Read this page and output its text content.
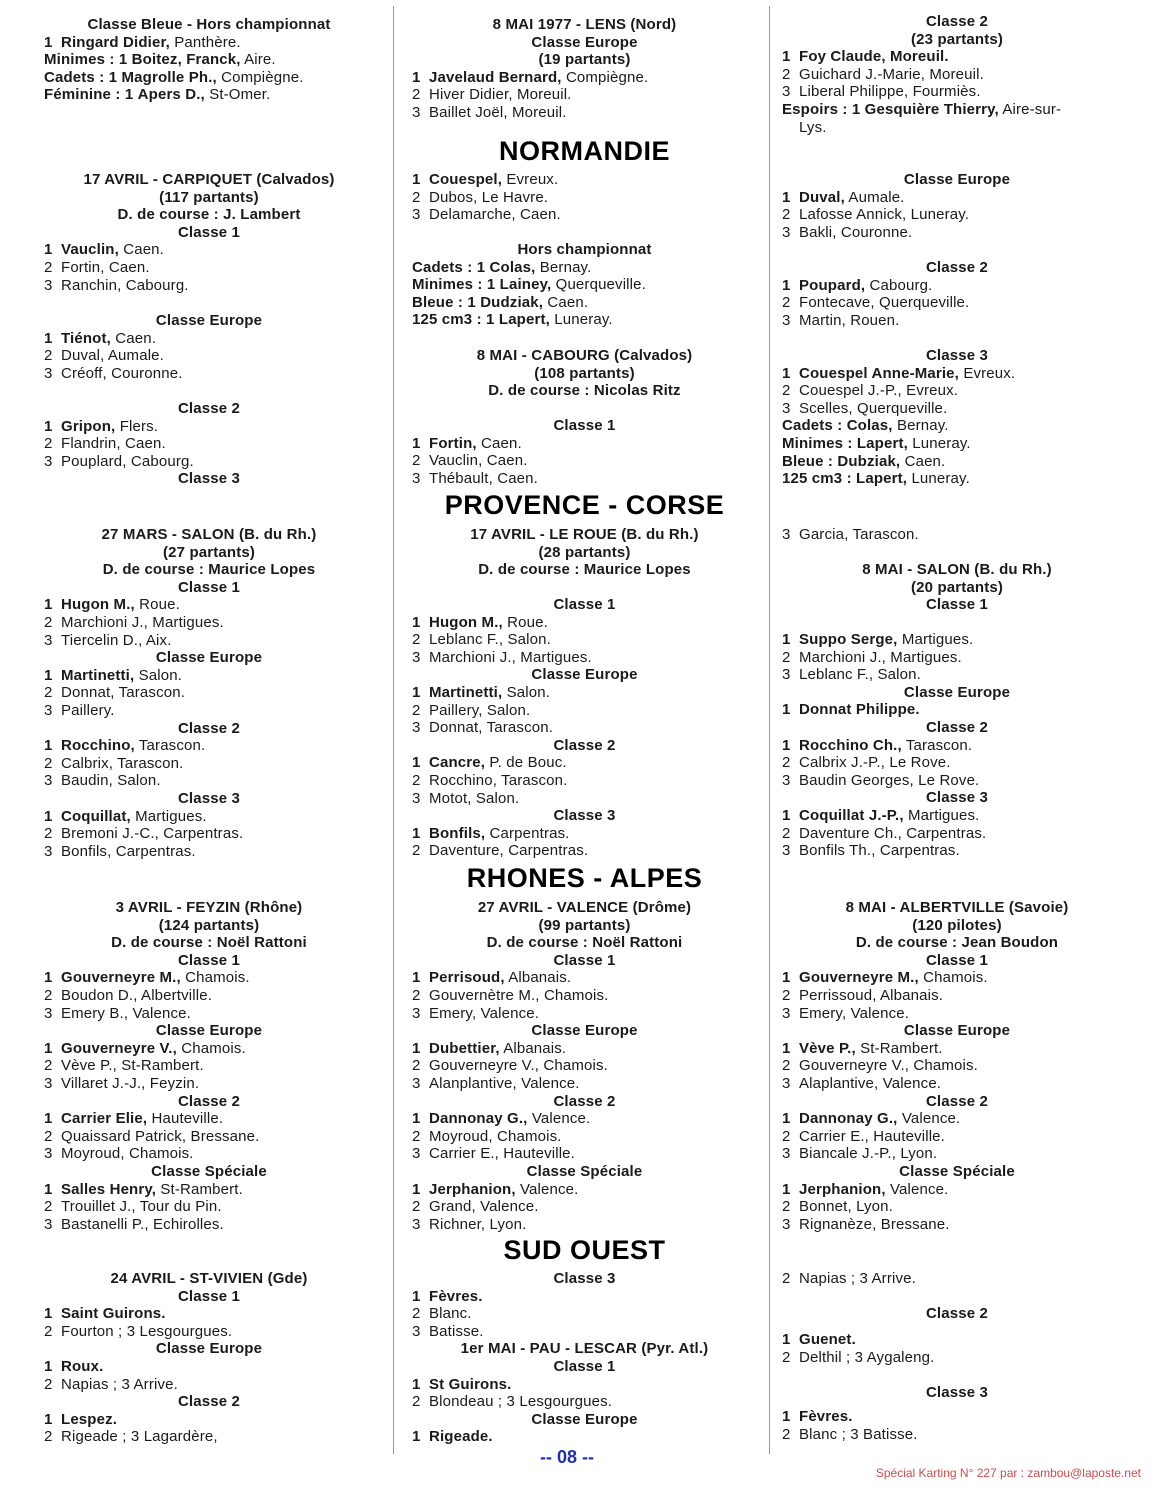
Classe Bleue - Hors championnat
1 Ringard Didier, Panthère.
Minimes : 1 Boitez, Franck, Aire.
Cadets : 1 Magrolle Ph., Compiègne.
Féminine : 1 Apers D., St-Omer.
17 AVRIL - CARPIQUET (Calvados)
(117 partants)
D. de course : J. Lambert
Classe 1
1 Vauclin, Caen.
2 Fortin, Caen.
3 Ranchin, Cabourg.
Classe Europe
1 Tiénot, Caen.
2 Duval, Aumale.
3 Créoff, Couronne.
Classe 2
1 Gripon, Flers.
2 Flandrin, Caen.
3 Pouplard, Cabourg.
Classe 3
27 MARS - SALON (B. du Rh.)
(27 partants)
D. de course : Maurice Lopes
Classe 1
1 Hugon M., Roue.
2 Marchioni J., Martigues.
3 Tiercelin D., Aix.
Classe Europe
1 Martinetti, Salon.
2 Donnat, Tarascon.
3 Paillery.
Classe 2
1 Rocchino, Tarascon.
2 Calbrix, Tarascon.
3 Baudin, Salon.
Classe 3
1 Coquillat, Martigues.
2 Bremoni J.-C., Carpentras.
3 Bonfils, Carpentras.
3 AVRIL - FEYZIN (Rhône)
(124 partants)
D. de course : Noël Rattoni
Classe 1
1 Gouverneyre M., Chamois.
2 Boudon D., Albertville.
3 Emery B., Valence.
Classe Europe
1 Gouverneyre V., Chamois.
2 Vève P., St-Rambert.
3 Villaret J.-J., Feyzin.
Classe 2
1 Carrier Elie, Hauteville.
2 Quaissard Patrick, Bressane.
3 Moyroud, Chamois.
Classe Spéciale
1 Salles Henry, St-Rambert.
2 Trouillet J., Tour du Pin.
3 Bastanelli P., Echirolles.
24 AVRIL - ST-VIVIEN (Gde)
Classe 1
1 Saint Guirons.
2 Fourton ; 3 Lesgourgues.
Classe Europe
1 Roux.
2 Napias ; 3 Arrive.
Classe 2
1 Lespez.
2 Rigeade ; 3 Lagardère,
NORMANDIE
PROVENCE - CORSE
RHONES - ALPES
SUD OUEST
8 MAI 1977 - LENS (Nord)
Classe Europe
(19 partants)
1 Javelaud Bernard, Compiègne.
2 Hiver Didier, Moreuil.
3 Baillet Joël, Moreuil.
1 Couespel, Evreux.
2 Dubos, Le Havre.
3 Delamarche, Caen.
Hors championnat
Cadets : 1 Colas, Bernay.
Minimes : 1 Lainey, Querqueville.
Bleue : 1 Dudziak, Caen.
125 cm3 : 1 Lapert, Luneray.
8 MAI - CABOURG (Calvados)
(108 partants)
D. de course : Nicolas Ritz
Classe 1
1 Fortin, Caen.
2 Vauclin, Caen.
3 Thébault, Caen.
17 AVRIL - LE ROUE (B. du Rh.)
(28 partants)
D. de course : Maurice Lopes
Classe 1
1 Hugon M., Roue.
2 Leblanc F., Salon.
3 Marchioni J., Martigues.
Classe Europe
1 Martinetti, Salon.
2 Paillery, Salon.
3 Donnat, Tarascon.
Classe 2
1 Cancre, P. de Bouc.
2 Rocchino, Tarascon.
3 Motot, Salon.
Classe 3
1 Bonfils, Carpentras.
2 Daventure, Carpentras.
27 AVRIL - VALENCE (Drôme)
(99 partants)
D. de course : Noël Rattoni
Classe 1
1 Perrisoud, Albanais.
2 Gouvernètre M., Chamois.
3 Emery, Valence.
Classe Europe
1 Dubettier, Albanais.
2 Gouverneyre V., Chamois.
3 Alanplantive, Valence.
Classe 2
1 Dannonay G., Valence.
2 Moyroud, Chamois.
3 Carrier E., Hauteville.
Classe Spéciale
1 Jerphanion, Valence.
2 Grand, Valence.
3 Richner, Lyon.
Classe 3
1 Fèvres.
2 Blanc.
3 Batisse.
1er MAI - PAU - LESCAR (Pyr. Atl.)
Classe 1
1 St Guirons.
2 Blondeau ; 3 Lesgourgues.
Classe Europe
1 Rigeade.
Classe 2
(23 partants)
1 Foy Claude, Moreuil.
2 Guichard J.-Marie, Moreuil.
3 Liberal Philippe, Fourmiès.
Espoirs : 1 Gesquière Thierry, Aire-sur-
Lys.
Classe Europe
1 Duval, Aumale.
2 Lafosse Annick, Luneray.
3 Bakli, Couronne.
Classe 2
1 Poupard, Cabourg.
2 Fontecave, Querqueville.
3 Martin, Rouen.
Classe 3
1 Couespel Anne-Marie, Evreux.
2 Couespel J.-P., Evreux.
3 Scelles, Querqueville.
Cadets : Colas, Bernay.
Minimes : Lapert, Luneray.
Bleue : Dubziak, Caen.
125 cm3 : Lapert, Luneray.
3 Garcia, Tarascon.
8 MAI - SALON (B. du Rh.)
(20 partants)
Classe 1
1 Suppo Serge, Martigues.
2 Marchioni J., Martigues.
3 Leblanc F., Salon.
Classe Europe
1 Donnat Philippe.
Classe 2
1 Rocchino Ch., Tarascon.
2 Calbrix J.-P., Le Rove.
3 Baudin Georges, Le Rove.
Classe 3
1 Coquillat J.-P., Martigues.
2 Daventure Ch., Carpentras.
3 Bonfils Th., Carpentras.
8 MAI - ALBERTVILLE (Savoie)
(120 pilotes)
D. de course : Jean Boudon
Classe 1
1 Gouverneyre M., Chamois.
2 Perrissoud, Albanais.
3 Emery, Valence.
Classe Europe
1 Vève P., St-Rambert.
2 Gouverneyre V., Chamois.
3 Alaplantive, Valence.
Classe 2
1 Dannonay G., Valence.
2 Carrier E., Hauteville.
3 Biancale J.-P., Lyon.
Classe Spéciale
1 Jerphanion, Valence.
2 Bonnet, Lyon.
3 Rignanèze, Bressane.
2 Napias ; 3 Arrive.
Classe 2
1 Guenet.
2 Delthil ; 3 Aygaleng.
Classe 3
1 Fèvres.
2 Blanc ; 3 Batisse.
-- 08 --
Spécial Karting N° 227 par : zambou@laposte.net
